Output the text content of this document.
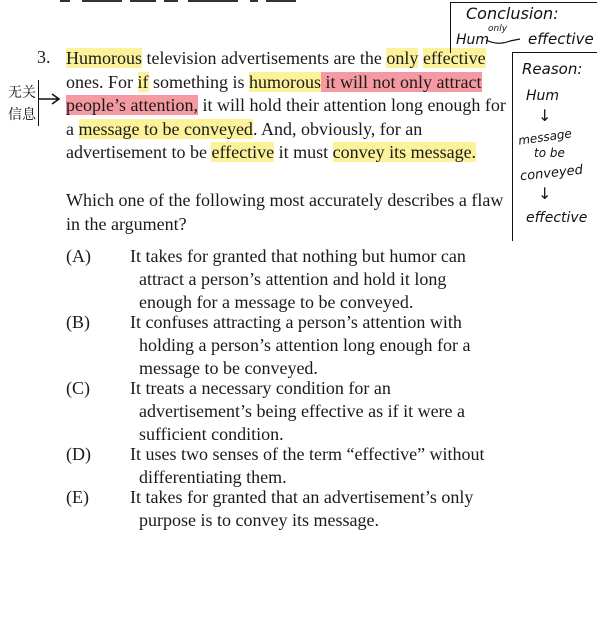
3. Humorous television advertisements are the only effective ones. For if something is humorous it will not only attract people’s attention, it will hold their attention long enough for a message to be conveyed. And, obviously, for an advertisement to be effective it must convey its message.
Which one of the following most accurately describes a flaw in the argument?
(A) It takes for granted that nothing but humor can
attract a person’s attention and hold it long enough for a message to be conveyed.
(B) It confuses attracting a person’s attention with
holding a person’s attention long enough for a message to be conveyed.
(C) It treats a necessary condition for an
advertisement’s being effective as if it were a sufficient condition.
(D) It uses two senses of the term “effective” without
differentiating them.
(E) It takes for granted that an advertisement’s only
purpose is to convey its message.
无关
信息
Conclusion:
Hum
only
effective
Reason:
Hum
↓
message
to be
conveyed
↓
effective
